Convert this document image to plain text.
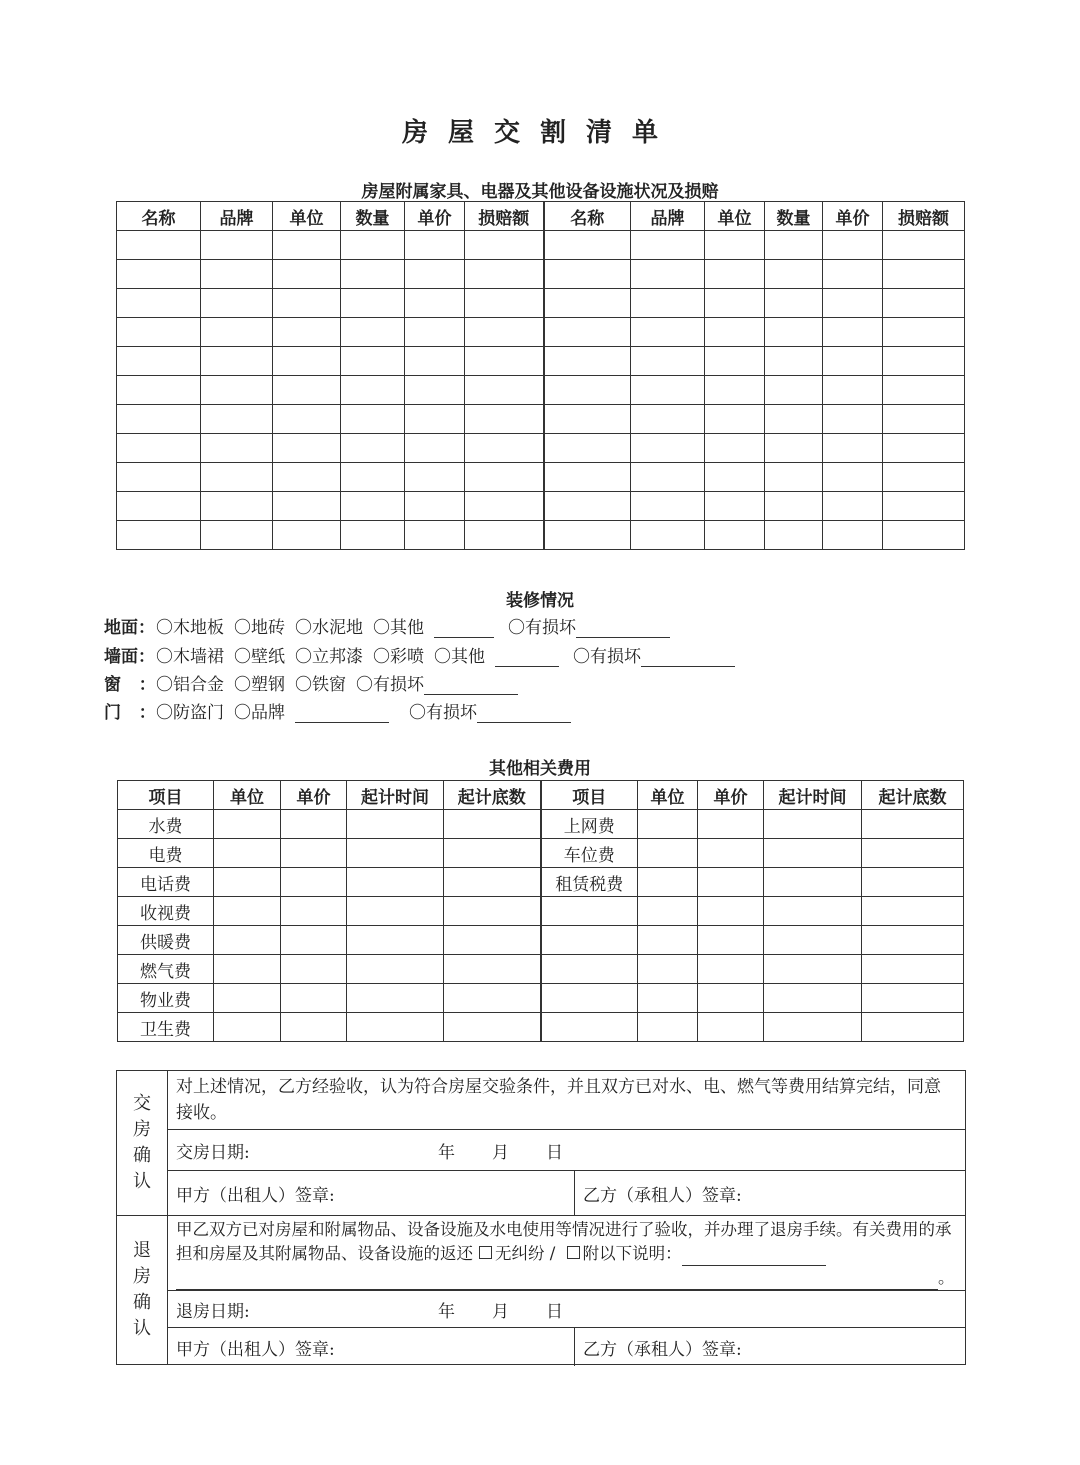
房屋交割清单
房屋附属家具、电器及其他设备设施状况及损赔
名称	品牌	单位	数量	单价	损赔额	名称	品牌	单位	数量	单价	损赔额

装修情况
地面：〇木地板 〇地砖 〇水泥地 〇其他	〇有损坏
墙面：〇木墙裙 〇壁纸 〇立邦漆 〇彩喷 〇其他	〇有损坏
窗 ：〇铝合金 〇塑钢 〇铁窗 〇有损坏
门 ：〇防盗门 〇品牌	〇有损坏
其他相关费用
项目	单位	单价	起计时间	起计底数	项目	单位	单价	起计时间	起计底数
水费					上网费				
电费					车位费				
电话费					租赁税费				
收视费									
供暖费									
燃气费									
物业费									
卫生费									
交
房
确
认
对上述情况，乙方经验收，认为符合房屋交验条件，并且双方已对水、电、燃气等费用结算完结，同意接收。
交房日期:	年	月	日
甲方（出租人）签章:	乙方（承租人）签章:
退
房
确
认
甲乙双方已对房屋和附属物品、设备设施及水电使用等情况进行了验收，并办理了退房手续。有关费用的承担和房屋及其附属物品、设备设施的返还 无纠纷 / 附以下说明：
。
退房日期:	年	月	日
甲方（出租人）签章:	乙方（承租人）签章:
